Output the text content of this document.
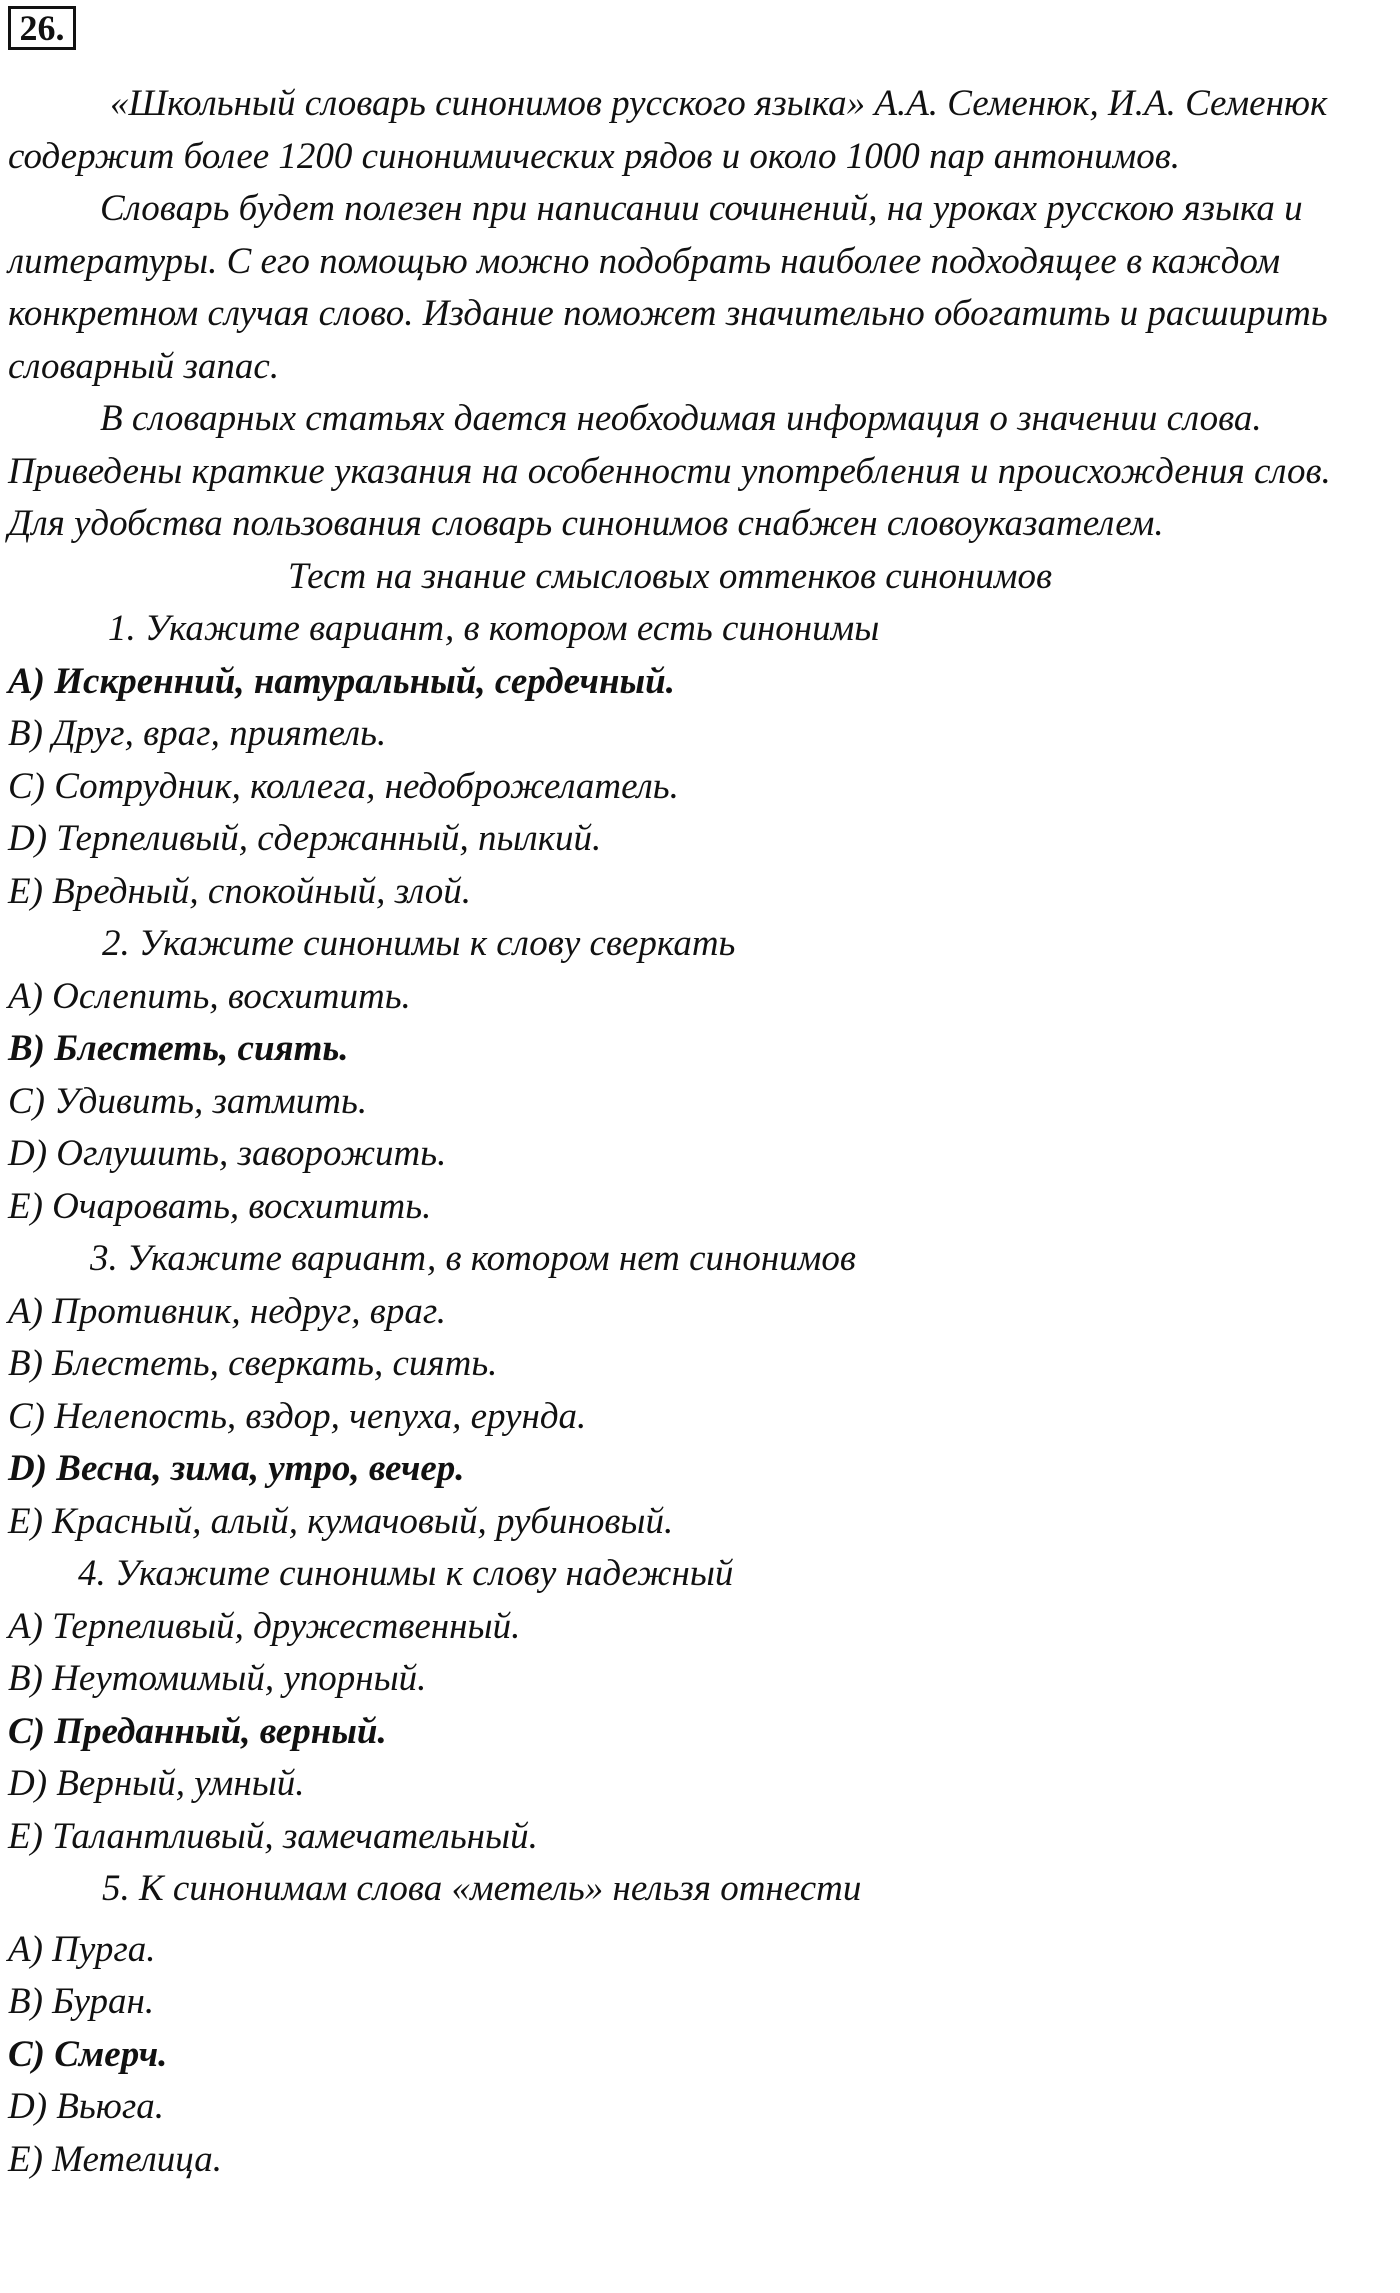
26.

«Школьный словарь синонимов русского языка» А.А. Семенюк, И.А. Семенюк содержит более 1200 синонимических рядов и около 1000 пар антонимов.

Словарь будет полезен при написании сочинений, на уроках русскою языка и литературы. С его помощью можно подобрать наиболее подходящее в каждом конкретном случая слово. Издание поможет значительно обогатить и расширить словарный запас.

В словарных статьях дается необходимая информация о значении слова. Приведены краткие указания на особенности употребления и происхождения слов. Для удобства пользования словарь синонимов снабжен словоуказателем.

Тест на знание смысловых оттенков синонимов

1. Укажите вариант, в котором есть синонимы

А) Искренний, натуральный, сердечный.

В) Друг, враг, приятель.

С) Сотрудник, коллега, недоброжелатель.

D) Терпеливый, сдержанный, пылкий.

Е) Вредный, спокойный, злой.

2. Укажите синонимы к слову сверкать

А) Ослепить, восхитить.

В) Блестеть, сиять.

С) Удивить, затмить.

D) Оглушить, заворожить.

Е) Очаровать, восхитить.

3. Укажите вариант, в котором нет синонимов

А) Противник, недруг, враг.

В) Блестеть, сверкать, сиять.

С) Нелепость, вздор, чепуха, ерунда.

D) Весна, зима, утро, вечер.

Е) Красный, алый, кумачовый, рубиновый.

4. Укажите синонимы к слову надежный

А) Терпеливый, дружественный.

В) Неутомимый, упорный.

С) Преданный, верный.

D) Верный, умный.

Е) Талантливый, замечательный.

5. К синонимам слова «метель» нельзя отнести

А) Пурга.

В) Буран.

С) Смерч.

D) Вьюга.

Е) Метелица.
